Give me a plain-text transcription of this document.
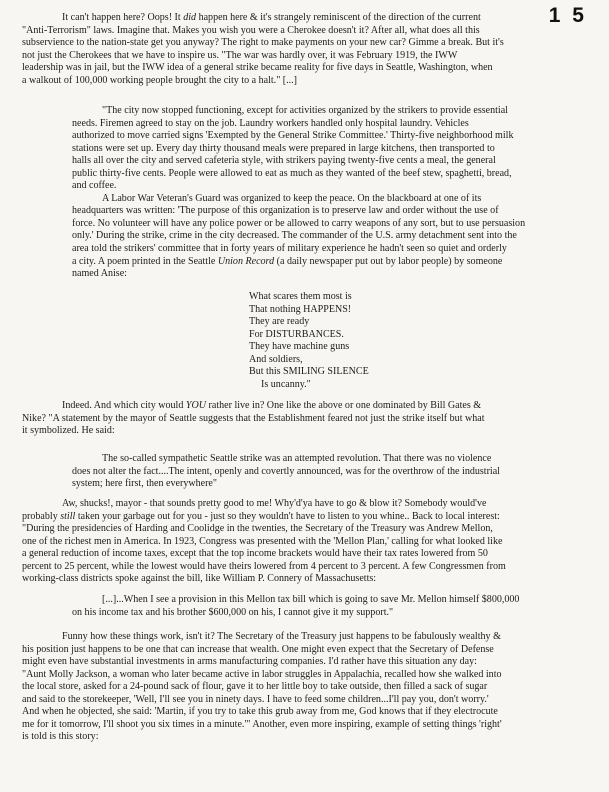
1 5
It can't happen here? Oops! It did happen here & it's strangely reminiscent of the direction of the current
"Anti-Terrorism" laws. Imagine that. Makes you wish you were a Cherokee doesn't it? After all, what does all this
subservience to the nation-state get you anyway? The right to make payments on your new car? Gimme a break. But it's
not just the Cherokees that we have to inspire us. "The war was hardly over, it was February 1919, the IWW
leadership was in jail, but the IWW idea of a general strike became reality for five days in Seattle, Washington, when
a walkout of 100,000 working people brought the city to a halt." [...]
"The city now stopped functioning, except for activities organized by the strikers to provide essential
needs. Firemen agreed to stay on the job. Laundry workers handled only hospital laundry. Vehicles
authorized to move carried signs 'Exempted by the General Strike Committee.' Thirty-five neighborhood milk
stations were set up. Every day thirty thousand meals were prepared in large kitchens, then transported to
halls all over the city and served cafeteria style, with strikers paying twenty-five cents a meal, the general
public thirty-five cents. People were allowed to eat as much as they wanted of the beef stew, spaghetti, bread,
and coffee.
A Labor War Veteran's Guard was organized to keep the peace. On the blackboard at one of its
headquarters was written: 'The purpose of this organization is to preserve law and order without the use of
force. No volunteer will have any police power or be allowed to carry weapons of any sort, but to use persuasion
only.' During the strike, crime in the city decreased. The commander of the U.S. army detachment sent into the
area told the strikers' committee that in forty years of military experience he hadn't seen so quiet and orderly
a city. A poem printed in the Seattle Union Record (a daily newspaper put out by labor people) by someone
named Anise:
What scares them most is
That nothing HAPPENS!
They are ready
For DISTURBANCES.
They have machine guns
And soldiers,
But this SMILING SILENCE
Is uncanny."
Indeed. And which city would YOU rather live in? One like the above or one dominated by Bill Gates &
Nike? "A statement by the mayor of Seattle suggests that the Establishment feared not just the strike itself but what
it symbolized. He said:
The so-called sympathetic Seattle strike was an attempted revolution. That there was no violence
does not alter the fact....The intent, openly and covertly announced, was for the overthrow of the industrial
system; here first, then everywhere"
Aw, shucks!, mayor - that sounds pretty good to me! Why'd'ya have to go & blow it? Somebody would've
probably still taken your garbage out for you - just so they wouldn't have to listen to you whine.. Back to local interest:
"During the presidencies of Harding and Coolidge in the twenties, the Secretary of the Treasury was Andrew Mellon,
one of the richest men in America. In 1923, Congress was presented with the 'Mellon Plan,' calling for what looked like
a general reduction of income taxes, except that the top income brackets would have their tax rates lowered from 50
percent to 25 percent, while the lowest would have theirs lowered from 4 percent to 3 percent. A few Congressmen from
working-class districts spoke against the bill, like William P. Connery of Massachusetts:
[...]...When I see a provision in this Mellon tax bill which is going to save Mr. Mellon himself $800,000
on his income tax and his brother $600,000 on his, I cannot give it my support."
Funny how these things work, isn't it? The Secretary of the Treasury just happens to be fabulously wealthy &
his position just happens to be one that can increase that wealth. One might even expect that the Secretary of Defense
might even have substantial investments in arms manufacturing companies. I'd rather have this situation any day:
"Aunt Molly Jackson, a woman who later became active in labor struggles in Appalachia, recalled how she walked into
the local store, asked for a 24-pound sack of flour, gave it to her little boy to take outside, then filled a sack of sugar
and said to the storekeeper, 'Well, I'll see you in ninety days. I have to feed some children...I'll pay you, don't worry.'
And when he objected, she said: 'Martin, if you try to take this grub away from me, God knows that if they electrocute
me for it tomorrow, I'll shoot you six times in a minute.'" Another, even more inspiring, example of setting things 'right'
is told is this story:
